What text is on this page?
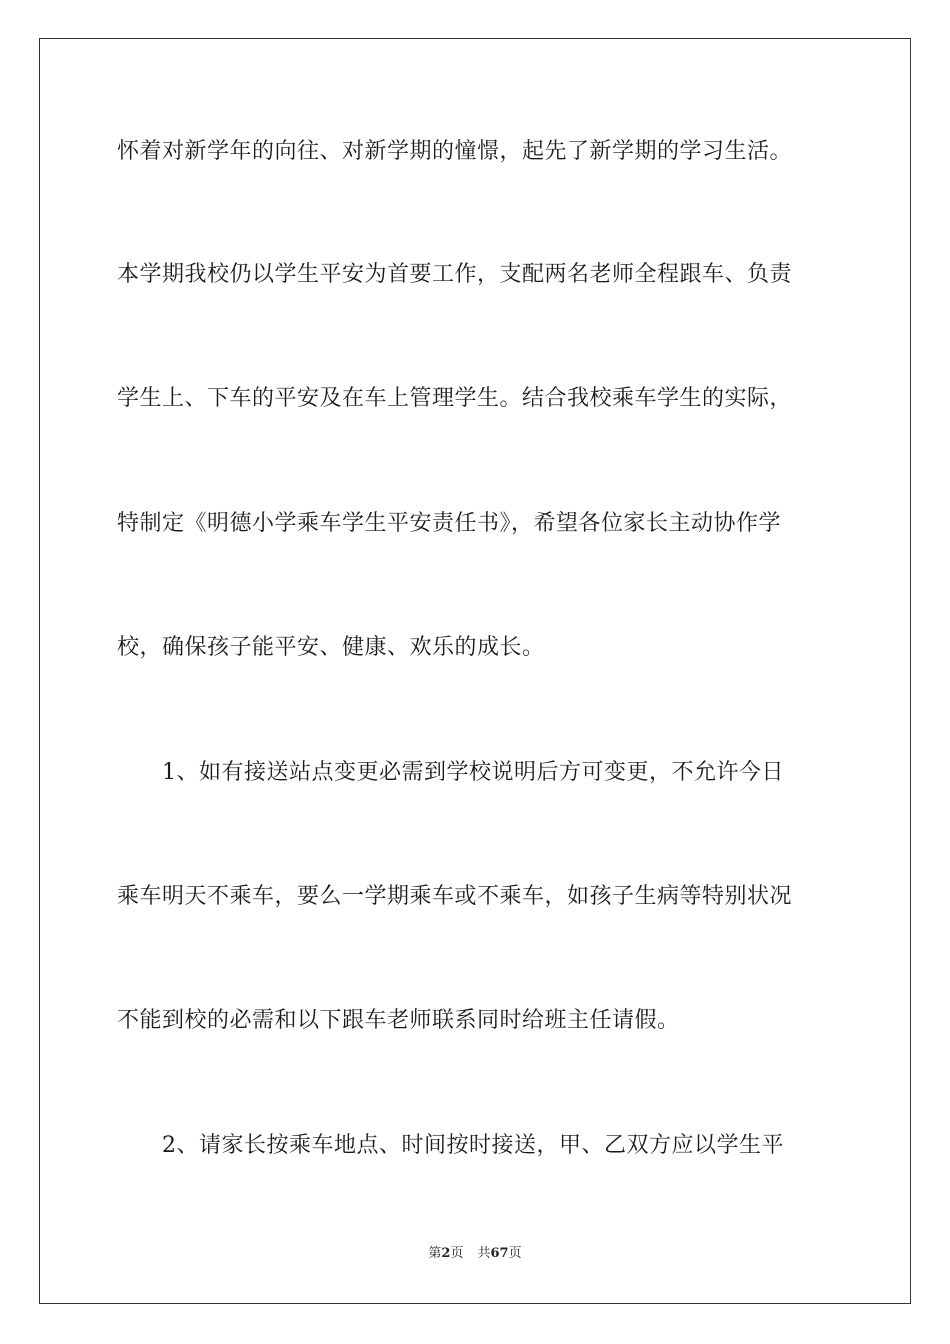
怀着对新学年的向往、对新学期的憧憬，起先了新学期的学习生活。
本学期我校仍以学生平安为首要工作，支配两名老师全程跟车、负责
学生上、下车的平安及在车上管理学生。结合我校乘车学生的实际，
特制定《明德小学乘车学生平安责任书》，希望各位家长主动协作学
校，确保孩子能平安、健康、欢乐的成长。
　　1、如有接送站点变更必需到学校说明后方可变更，不允许今日
乘车明天不乘车，要么一学期乘车或不乘车，如孩子生病等特别状况
不能到校的必需和以下跟车老师联系同时给班主任请假。
　　2、请家长按乘车地点、时间按时接送，甲、乙双方应以学生平
第2页 共67页
